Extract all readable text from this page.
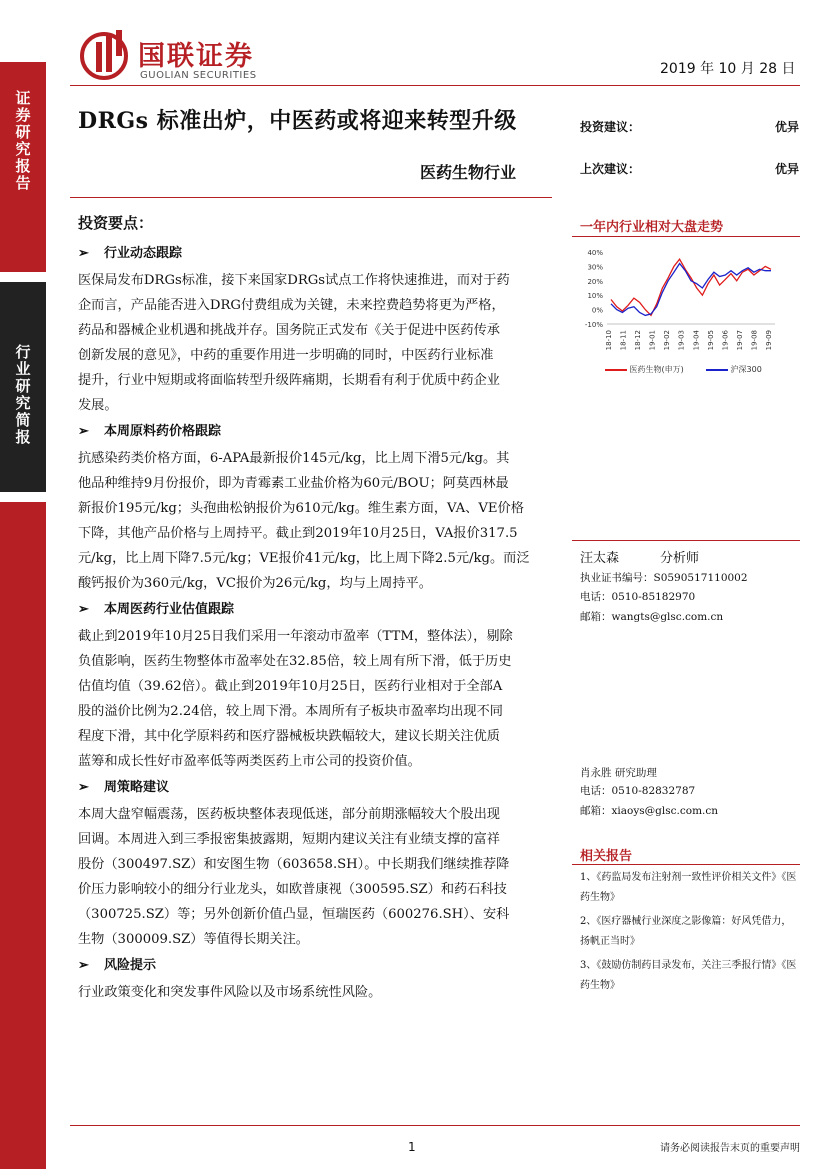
证
券
研
究
报
告
行
业
研
究
简
报
国联证券
GUOLIAN SECURITIES	2019 年 10 月 28 日
DRGs 标准出炉，中医药或将迎来转型升级
医药生物行业
投资建议：	优异
上次建议：	优异
投资要点：
➢ 行业动态跟踪
医保局发布DRGs标准，接下来国家DRGs试点工作将快速推进，而对于药
企而言，产品能否进入DRG付费组成为关键，未来控费趋势将更为严格，
药品和器械企业机遇和挑战并存。国务院正式发布《关于促进中医药传承
创新发展的意见》，中药的重要作用进一步明确的同时，中医药行业标准
提升，行业中短期或将面临转型升级阵痛期，长期看有利于优质中药企业
发展。
➢ 本周原料药价格跟踪
抗感染药类价格方面，6-APA最新报价145元/kg，比上周下滑5元/kg。其
他品种维持9月份报价，即为青霉素工业盐价格为60元/BOU；阿莫西林最
新报价195元/kg；头孢曲松钠报价为610元/kg。维生素方面，VA、VE价格
下降，其他产品价格与上周持平。截止到2019年10月25日，VA报价317.5
元/kg，比上周下降7.5元/kg；VE报价41元/kg，比上周下降2.5元/kg。而泛
酸钙报价为360元/kg，VC报价为26元/kg，均与上周持平。
➢ 本周医药行业估值跟踪
截止到2019年10月25日我们采用一年滚动市盈率（TTM，整体法），剔除
负值影响，医药生物整体市盈率处在32.85倍，较上周有所下滑，低于历史
估值均值（39.62倍）。截止到2019年10月25日，医药行业相对于全部A
股的溢价比例为2.24倍，较上周下滑。本周所有子板块市盈率均出现不同
程度下滑，其中化学原料药和医疗器械板块跌幅较大，建议长期关注优质
蓝筹和成长性好市盈率低等两类医药上市公司的投资价值。
➢ 周策略建议
本周大盘窄幅震荡，医药板块整体表现低迷，部分前期涨幅较大个股出现
回调。本周进入到三季报密集披露期，短期内建议关注有业绩支撑的富祥
股份（300497.SZ）和安图生物（603658.SH）。中长期我们继续推荐降
价压力影响较小的细分行业龙头，如欧普康视（300595.SZ）和药石科技
（300725.SZ）等；另外创新价值凸显，恒瑞医药（600276.SH）、安科
生物（300009.SZ）等值得长期关注。
➢ 风险提示
行业政策变化和突发事件风险以及市场系统性风险。
一年内行业相对大盘走势
40%
30%
20%
10%
0%
-10%
18-10 18-11 18-12 19-01 19-02 19-03 19-04 19-05 19-06 19-07 19-08 19-09
医药生物(申万)	沪深300
汪太森	分析师
执业证书编号：S0590517110002
电话：0510-85182970
邮箱：wangts@glsc.com.cn
肖永胜 研究助理
电话：0510-82832787
邮箱：xiaoys@glsc.com.cn
相关报告
1、《药监局发布注射剂一致性评价相关文件》《医药生物》
2、《医疗器械行业深度之影像篇：好风凭借力，扬帆正当时》
3、《鼓励仿制药目录发布，关注三季报行情》《医药生物》
1	请务必阅读报告末页的重要声明
